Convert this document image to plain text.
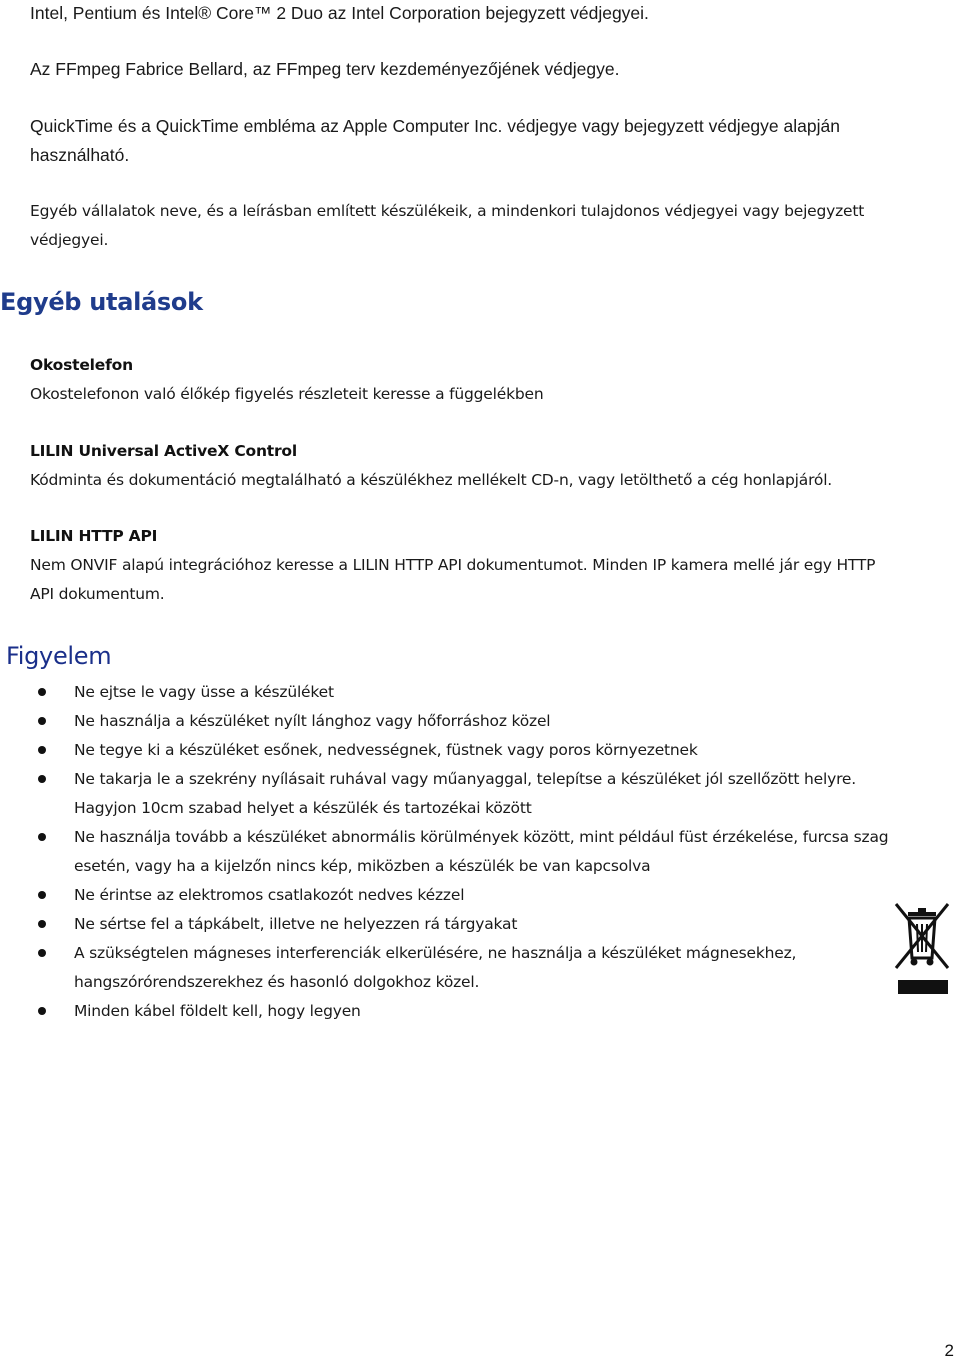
Intel, Pentium és Intel® Core™ 2 Duo az Intel Corporation bejegyzett védjegyei.
Az FFmpeg Fabrice Bellard, az FFmpeg terv kezdeményezőjének védjegye.
QuickTime és a QuickTime embléma az Apple Computer Inc. védjegye vagy bejegyzett védjegye alapján
használható.
Egyéb vállalatok neve, és a leírásban említett készülékeik, a mindenkori tulajdonos védjegyei vagy bejegyzett
védjegyei.
Egyéb utalások
Okostelefon
Okostelefonon való élőkép figyelés részleteit keresse a függelékben
LILIN Universal ActiveX Control
Kódminta és dokumentáció megtalálható a készülékhez mellékelt CD-n, vagy letölthető a cég honlapjáról.
LILIN HTTP API
Nem ONVIF alapú integrációhoz keresse a LILIN HTTP API dokumentumot. Minden IP kamera mellé jár egy HTTP
API dokumentum.
Figyelem
Ne ejtse le vagy üsse a készüléket
Ne használja a készüléket nyílt lánghoz vagy hőforráshoz közel
Ne tegye ki a készüléket esőnek, nedvességnek, füstnek vagy poros környezetnek
Ne takarja le a szekrény nyílásait ruhával vagy műanyaggal, telepítse a készüléket jól szellőzött helyre.
Hagyjon 10cm szabad helyet a készülék és tartozékai között
Ne használja tovább a készüléket abnormális körülmények között, mint például füst érzékelése, furcsa szag
esetén, vagy ha a kijelzőn nincs kép, miközben a készülék be van kapcsolva
Ne érintse az elektromos csatlakozót nedves kézzel
Ne sértse fel a tápkábelt, illetve ne helyezzen rá tárgyakat
A szükségtelen mágneses interferenciák elkerülésére, ne használja a készüléket mágnesekhez,
hangszórórendszerekhez és hasonló dolgokhoz közel.
Minden kábel földelt kell, hogy legyen
2
